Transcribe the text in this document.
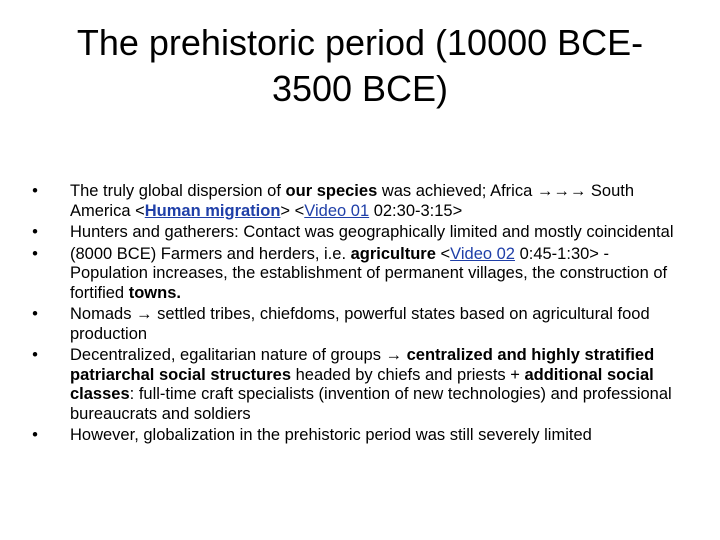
The prehistoric period (10000 BCE-
3500 BCE)
• The truly global dispersion of our species was achieved; Africa →→→ South America <Human migration> <Video 01 02:30-3:15>
• Hunters and gatherers: Contact was geographically limited and mostly coincidental
• (8000 BCE) Farmers and herders, i.e. agriculture <Video 02 0:45-1:30> - Population increases, the establishment of permanent villages, the construction of fortified towns.
• Nomads → settled tribes, chiefdoms, powerful states based on agricultural food production
• Decentralized, egalitarian nature of groups → centralized and highly stratified patriarchal social structures headed by chiefs and priests + additional social classes: full-time craft specialists (invention of new technologies) and professional bureaucrats and soldiers
• However, globalization in the prehistoric period was still severely limited
